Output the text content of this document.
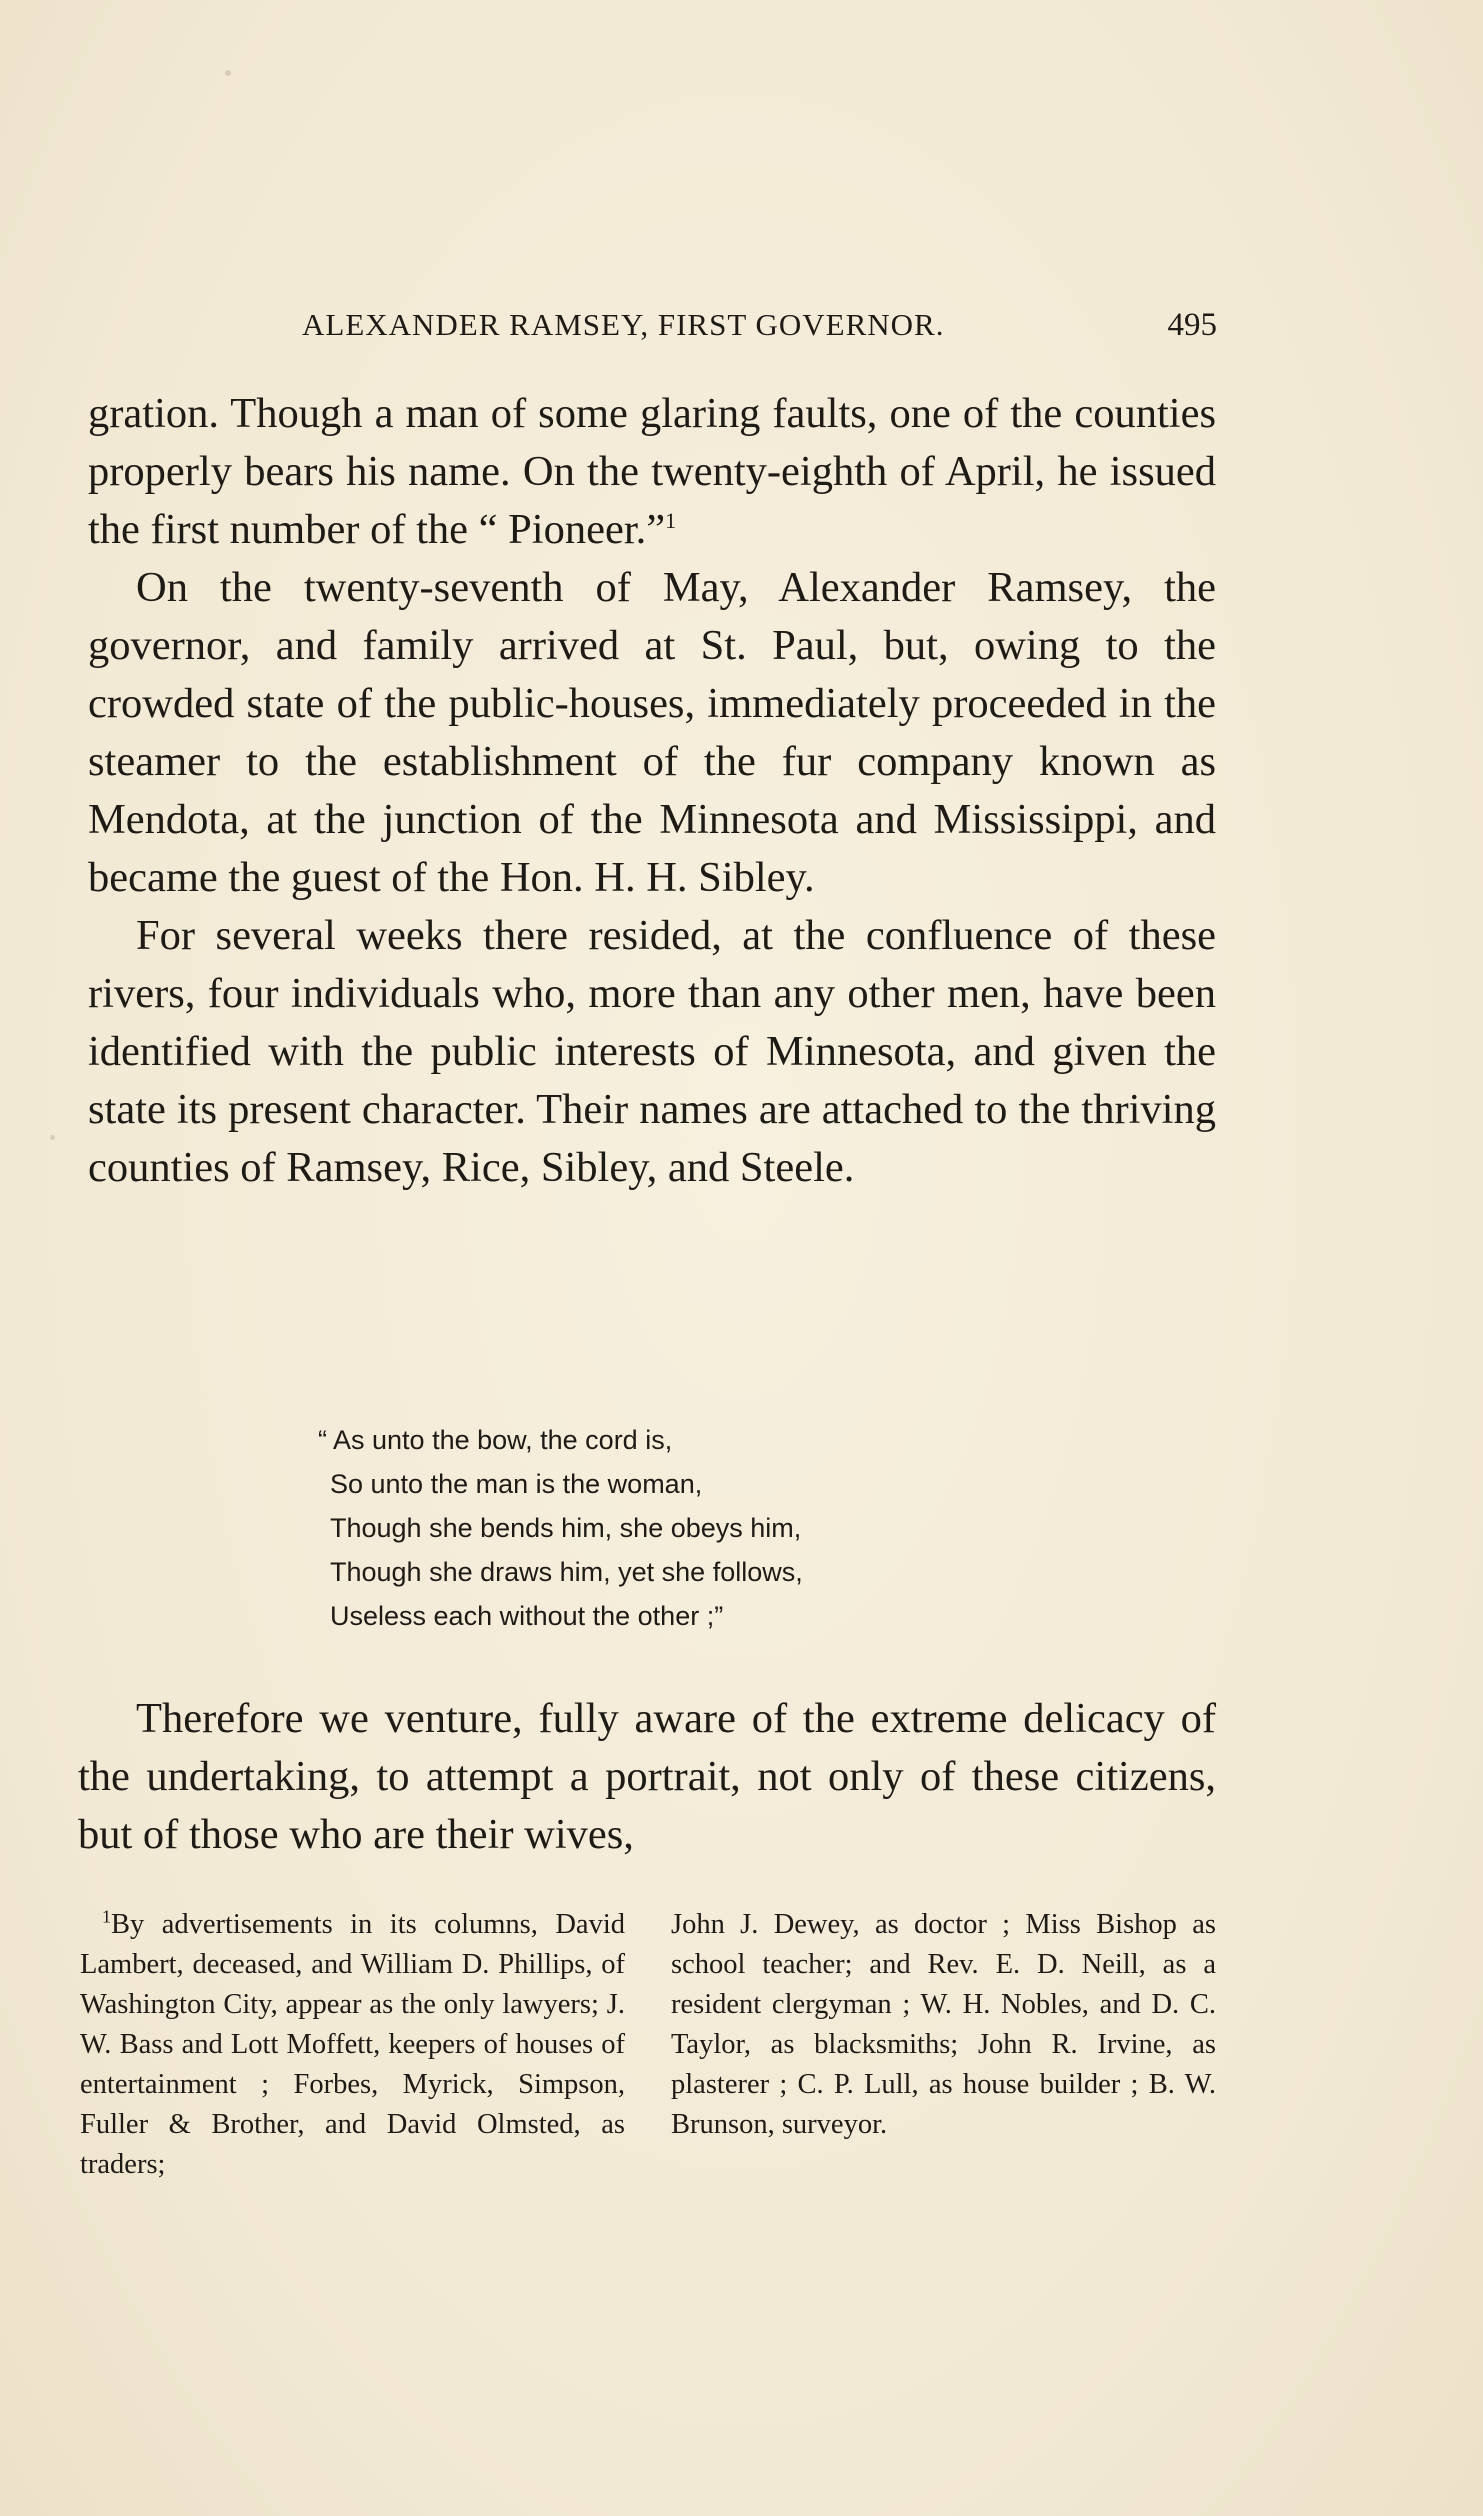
ALEXANDER RAMSEY, FIRST GOVERNOR.	495

gration. Though a man of some glaring faults, one of the counties properly bears his name. On the twenty-eighth of April, he issued the first number of the “ Pioneer.”$^1$

On the twenty-seventh of May, Alexander Ramsey, the governor, and family arrived at St. Paul, but, owing to the crowded state of the public-houses, immediately proceeded in the steamer to the establishment of the fur company known as Mendota, at the junction of the Minnesota and Mississippi, and became the guest of the Hon. H. H. Sibley.

For several weeks there resided, at the confluence of these rivers, four individuals who, more than any other men, have been identified with the public interests of Minnesota, and given the state its present character. Their names are attached to the thriving counties of Ramsey, Rice, Sibley, and Steele.

“ As unto the bow, the cord is,
So unto the man is the woman,
Though she bends him, she obeys him,
Though she draws him, yet she follows,
Useless each without the other ;”

Therefore we venture, fully aware of the extreme delicacy of the undertaking, to attempt a portrait, not only of these citizens, but of those who are their wives,

$^1$By advertisements in its columns, David Lambert, deceased, and William D. Phillips, of Washington City, appear as the only lawyers; J. W. Bass and Lott Moffett, keepers of houses of entertainment ; Forbes, Myrick, Simpson, Fuller & Brother, and David Olmsted, as traders;

John J. Dewey, as doctor ; Miss Bishop as school teacher; and Rev. E. D. Neill, as a resident clergyman ; W. H. Nobles, and D. C. Taylor, as blacksmiths; John R. Irvine, as plasterer ; C. P. Lull, as house builder ; B. W. Brunson, surveyor.
